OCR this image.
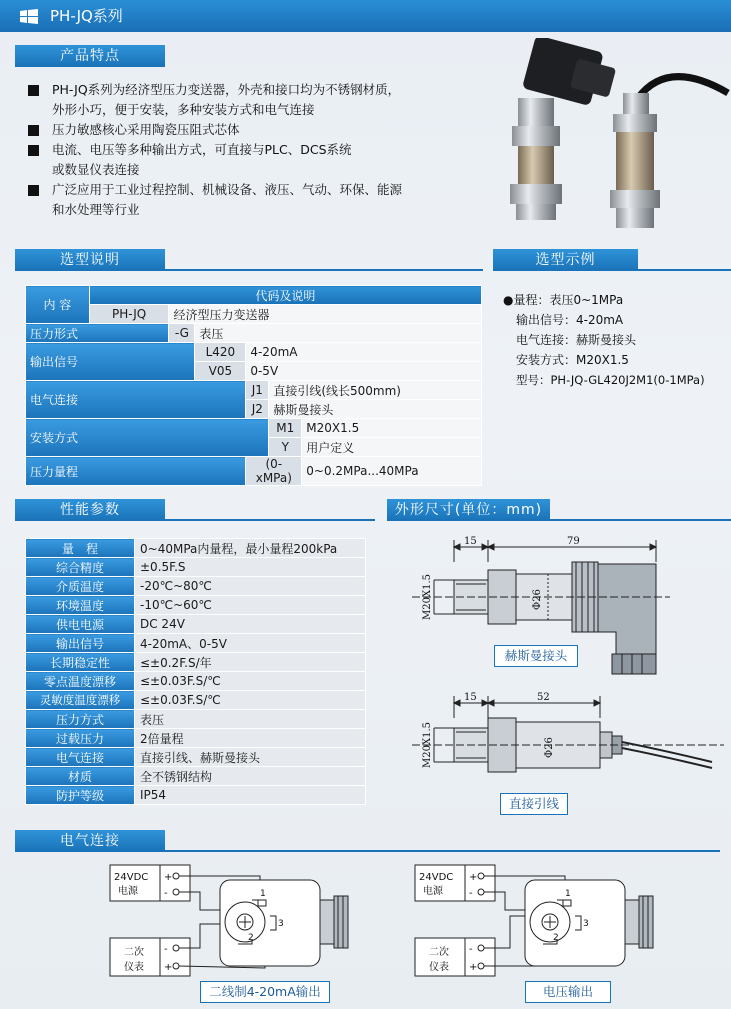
PH-JQ系列
产品特点
PH-JQ系列为经济型压力变送器，外壳和接口均为不锈钢材质，
外形小巧，便于安装，多种安装方式和电气连接
压力敏感核心采用陶瓷压阻式芯体
电流、电压等多种输出方式，可直接与PLC、DCS系统
或数显仪表连接
广泛应用于工业过程控制、机械设备、液压、气动、环保、能源
和水处理等行业
选型说明	选型示例
内 容	代码及说明					
	PH-JQ	经济型压力变送器				
压力形式		-G	表压			
输出信号			L420	4-20mA		
			V05	0-5V		
电气连接				J1	直接引线(线长500mm)	
				J2	赫斯曼接头	
安装方式					M1	M20X1.5
					Y	用户定义
压力量程				(0-xMPa)		0~0.2MPa...40MPa
●量程：表压0~1MPa
输出信号：4-20mA
电气连接：赫斯曼接头
安装方式：M20X1.5
型号：PH-JQ-GL420J2M1(0-1MPa)
性能参数
量　程	0~40MPa内量程，最小量程200kPa
综合精度	±0.5F.S
介质温度	-20℃~80℃
环境温度	-10℃~60℃
供电电源	DC 24V
输出信号	4-20mA、0-5V
长期稳定性	≤±0.2F.S/年
零点温度漂移	≤±0.03F.S/℃
灵敏度温度漂移	≤±0.03F.S/℃
压力方式	表压
过载压力	2倍量程
电气连接	直接引线、赫斯曼接头
材质	全不锈钢结构
防护等级	IP54
外形尺寸(单位：mm)
15	79
M20X1.5	Φ26
赫斯曼接头
15	52
M20X1.5	Φ26
直接引线
电气连接
24VDC
电源
二次
仪表
+
-
-
+
1
3
2
二线制4-20mA输出
24VDC
电源
二次
仪表
+
-
-
+
1
3
2
电压输出
